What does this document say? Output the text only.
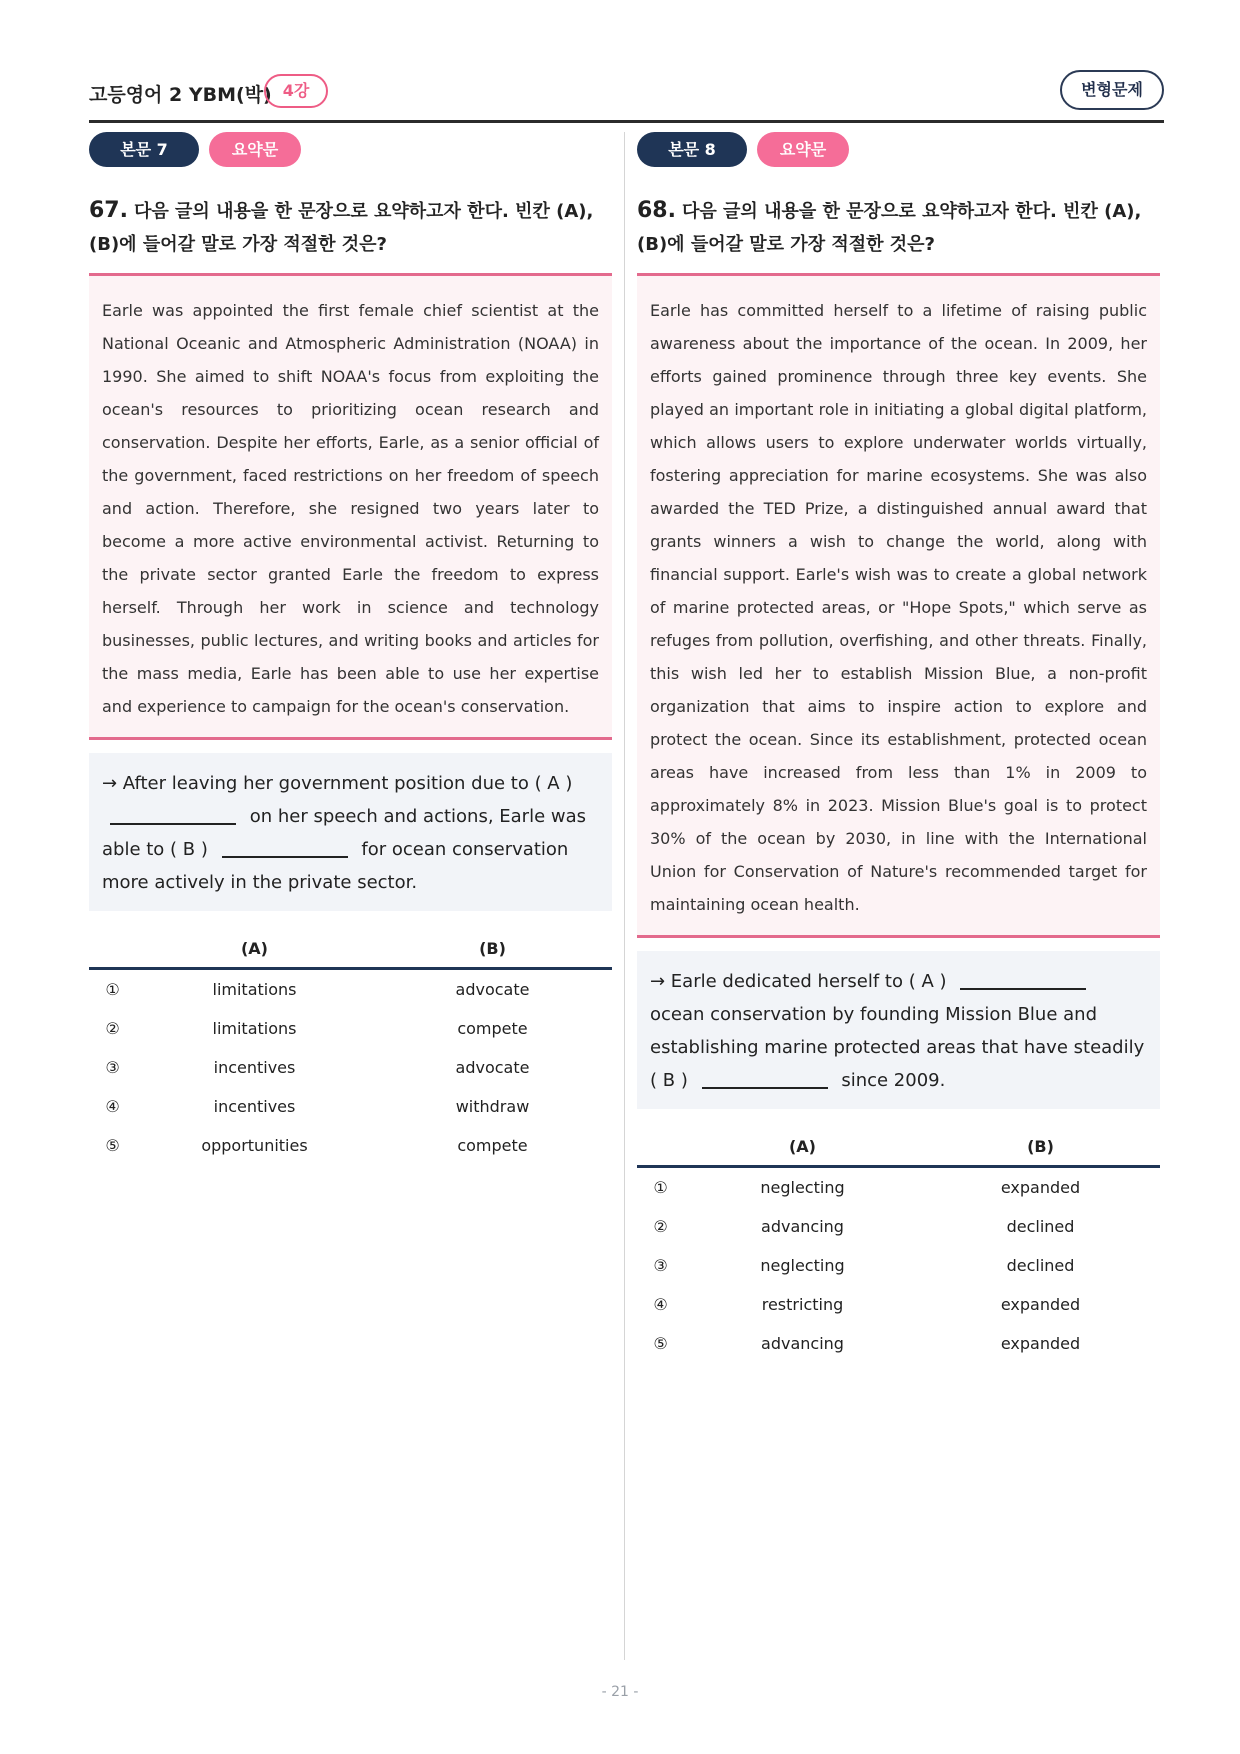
고등영어 2 YBM(박) 4강	변형문제
본문 7	요약문
67. 다음 글의 내용을 한 문장으로 요약하고자 한다. 빈칸 (A), (B)에 들어갈 말로 가장 적절한 것은?
Earle was appointed the first female chief scientist at the National Oceanic and Atmospheric Administration (NOAA) in 1990. She aimed to shift NOAA's focus from exploiting the ocean's resources to prioritizing ocean research and conservation. Despite her efforts, Earle, as a senior official of the government, faced restrictions on her freedom of speech and action. Therefore, she resigned two years later to become a more active environmental activist. Returning to the private sector granted Earle the freedom to express herself. Through her work in science and technology businesses, public lectures, and writing books and articles for the mass media, Earle has been able to use her expertise and experience to campaign for the ocean's conservation.
→ After leaving her government position due to ( A )  on her speech and actions, Earle was able to ( B )	for ocean conservation more actively in the private sector.
	(A)	(B)
①	limitations	advocate
②	limitations	compete
③	incentives	advocate
④	incentives	withdraw
⑤	opportunities	compete
본문 8	요약문
68. 다음 글의 내용을 한 문장으로 요약하고자 한다. 빈칸 (A), (B)에 들어갈 말로 가장 적절한 것은?
Earle has committed herself to a lifetime of raising public awareness about the importance of the ocean. In 2009, her efforts gained prominence through three key events. She played an important role in initiating a global digital platform, which allows users to explore underwater worlds virtually, fostering appreciation for marine ecosystems. She was also awarded the TED Prize, a distinguished annual award that grants winners a wish to change the world, along with financial support. Earle's wish was to create a global network of marine protected areas, or "Hope Spots," which serve as refuges from pollution, overfishing, and other threats. Finally, this wish led her to establish Mission Blue, a non-profit organization that aims to inspire action to explore and protect the ocean. Since its establishment, protected ocean areas have increased from less than 1% in 2009 to approximately 8% in 2023. Mission Blue's goal is to protect 30% of the ocean by 2030, in line with the International Union for Conservation of Nature's recommended target for maintaining ocean health.
→ Earle dedicated herself to ( A )  ocean conservation by founding Mission Blue and establishing marine protected areas that have steadily ( B )	since 2009.
	(A)	(B)
①	neglecting	expanded
②	advancing	declined
③	neglecting	declined
④	restricting	expanded
⑤	advancing	expanded
- 21 -
